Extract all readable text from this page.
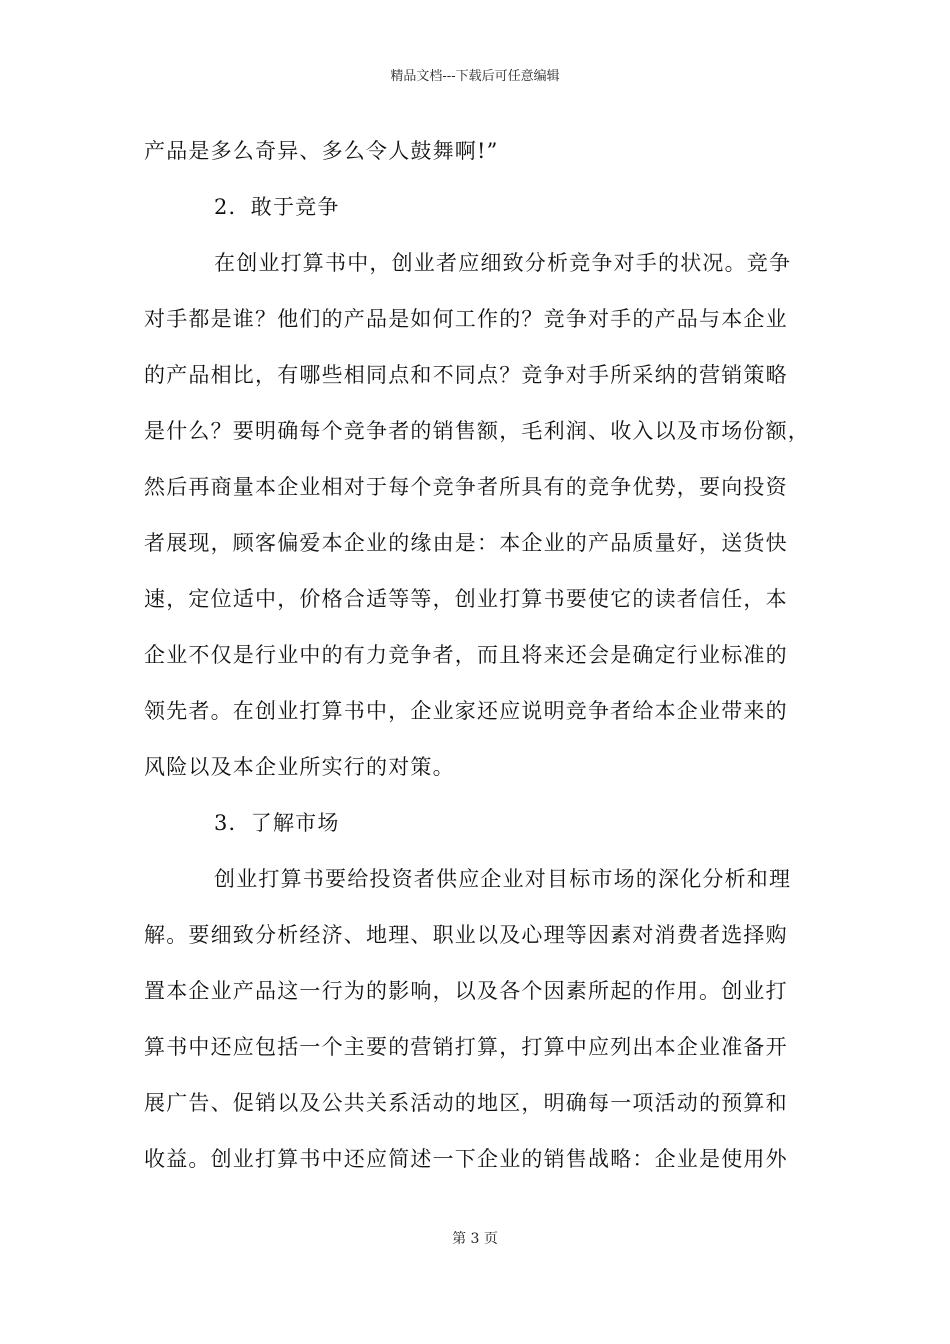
精品文档---下载后可任意编辑
产品是多么奇异、多么令人鼓舞啊!”
2．敢于竞争
在创业打算书中，创业者应细致分析竞争对手的状况。竞争
对手都是谁？他们的产品是如何工作的？竞争对手的产品与本企业
的产品相比，有哪些相同点和不同点？竞争对手所采纳的营销策略
是什么？要明确每个竞争者的销售额，毛利润、收入以及市场份额，
然后再商量本企业相对于每个竞争者所具有的竞争优势，要向投资
者展现，顾客偏爱本企业的缘由是：本企业的产品质量好，送货快
速，定位适中，价格合适等等，创业打算书要使它的读者信任，本
企业不仅是行业中的有力竞争者，而且将来还会是确定行业标准的
领先者。在创业打算书中，企业家还应说明竞争者给本企业带来的
风险以及本企业所实行的对策。
3．了解市场
创业打算书要给投资者供应企业对目标市场的深化分析和理
解。要细致分析经济、地理、职业以及心理等因素对消费者选择购
置本企业产品这一行为的影响，以及各个因素所起的作用。创业打
算书中还应包括一个主要的营销打算，打算中应列出本企业准备开
展广告、促销以及公共关系活动的地区，明确每一项活动的预算和
收益。创业打算书中还应简述一下企业的销售战略：企业是使用外
第 3 页
